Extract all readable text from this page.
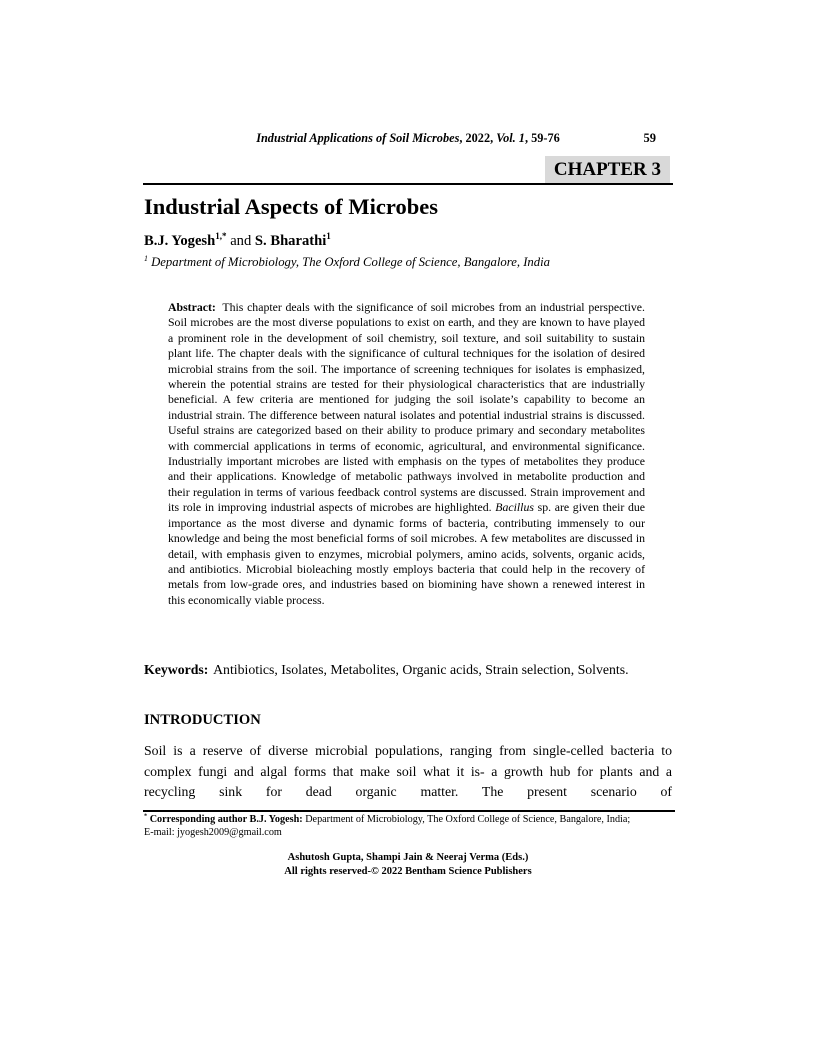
Industrial Applications of Soil Microbes, 2022, Vol. 1, 59-76	59
CHAPTER 3
Industrial Aspects of Microbes
B.J. Yogesh$^{1,*}$ and S. Bharathi$^1$
$^1$ Department of Microbiology, The Oxford College of Science, Bangalore, India

Abstract: This chapter deals with the significance of soil microbes from an industrial perspective. Soil microbes are the most diverse populations to exist on earth, and they are known to have played a prominent role in the development of soil chemistry, soil texture, and soil suitability to sustain plant life. The chapter deals with the significance of cultural techniques for the isolation of desired microbial strains from the soil. The importance of screening techniques for isolates is emphasized, wherein the potential strains are tested for their physiological characteristics that are industrially beneficial. A few criteria are mentioned for judging the soil isolate’s capability to become an industrial strain. The difference between natural isolates and potential industrial strains is discussed. Useful strains are categorized based on their ability to produce primary and secondary metabolites with commercial applications in terms of economic, agricultural, and environmental significance. Industrially important microbes are listed with emphasis on the types of metabolites they produce and their applications. Knowledge of metabolic pathways involved in metabolite production and their regulation in terms of various feedback control systems are discussed. Strain improvement and its role in improving industrial aspects of microbes are highlighted. Bacillus sp. are given their due importance as the most diverse and dynamic forms of bacteria, contributing immensely to our knowledge and being the most beneficial forms of soil microbes. A few metabolites are discussed in detail, with emphasis given to enzymes, microbial polymers, amino acids, solvents, organic acids, and antibiotics. Microbial bioleaching mostly employs bacteria that could help in the recovery of metals from low-grade ores, and industries based on biomining have shown a renewed interest in this economically viable process.

Keywords: Antibiotics, Isolates, Metabolites, Organic acids, Strain selection, Solvents.

INTRODUCTION

Soil is a reserve of diverse microbial populations, ranging from single-celled bacteria to complex fungi and algal forms that make soil what it is- a growth hub for plants and a recycling sink for dead organic matter. The present scenario of

* Corresponding author B.J. Yogesh: Department of Microbiology, The Oxford College of Science, Bangalore, India;
E-mail: jyogesh2009@gmail.com
Ashutosh Gupta, Shampi Jain & Neeraj Verma (Eds.)
All rights reserved-© 2022 Bentham Science Publishers
